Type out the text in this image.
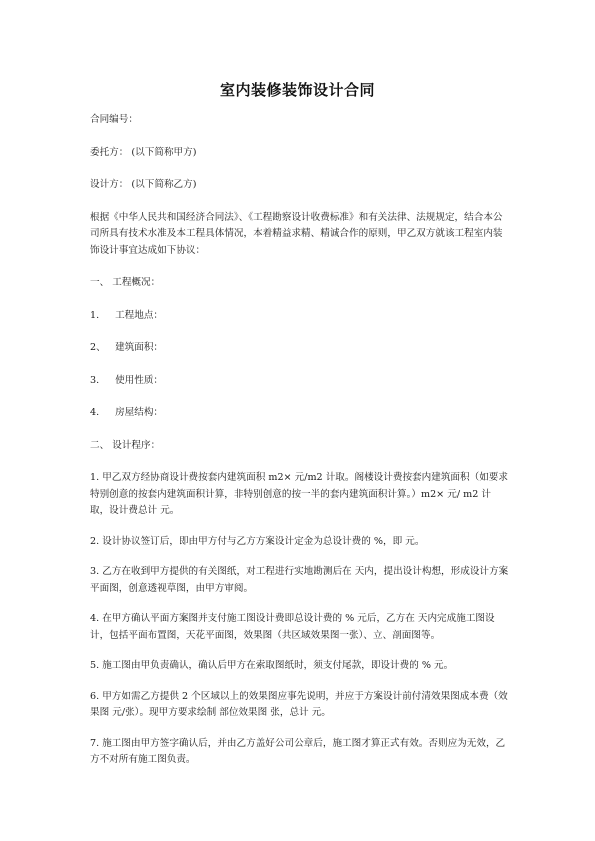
室内装修装饰设计合同
合同编号：
委托方： (以下简称甲方)
设计方： (以下简称乙方)
根据《中华人民共和国经济合同法》、《工程勘察设计收费标准》和有关法律、法规规定，结合本公司所具有技术水准及本工程具体情况，本着精益求精、精诚合作的原则，甲乙双方就该工程室内装饰设计事宜达成如下协议：
一、 工程概况：
1. 工程地点：
2、 建筑面积：
3. 使用性质：
4. 房屋结构：
二、 设计程序：
1. 甲乙双方经协商设计费按套内建筑面积 m2× 元/m2 计取。阁楼设计费按套内建筑面积（如要求特别创意的按套内建筑面积计算，非特别创意的按一半的套内建筑面积计算。）m2× 元/ m2 计取，设计费总计 元。
2. 设计协议签订后，即由甲方付与乙方方案设计定金为总设计费的 %，即 元。
3. 乙方在收到甲方提供的有关图纸，对工程进行实地勘测后在 天内，提出设计构想，形成设计方案平面图，创意透视草图，由甲方审阅。
4. 在甲方确认平面方案图并支付施工图设计费即总设计费的 % 元后，乙方在 天内完成施工图设计，包括平面布置图，天花平面图，效果图（共区域效果图一张）、立、剖面图等。
5. 施工图由甲负责确认，确认后甲方在索取图纸时，须支付尾款，即设计费的 % 元。
6. 甲方如需乙方提供 2 个区域以上的效果图应事先说明，并应于方案设计前付清效果图成本费（效果图 元/张）。现甲方要求绘制 部位效果图 张，总计 元。
7. 施工图由甲方签字确认后，并由乙方盖好公司公章后，施工图才算正式有效。否则应为无效，乙方不对所有施工图负责。
